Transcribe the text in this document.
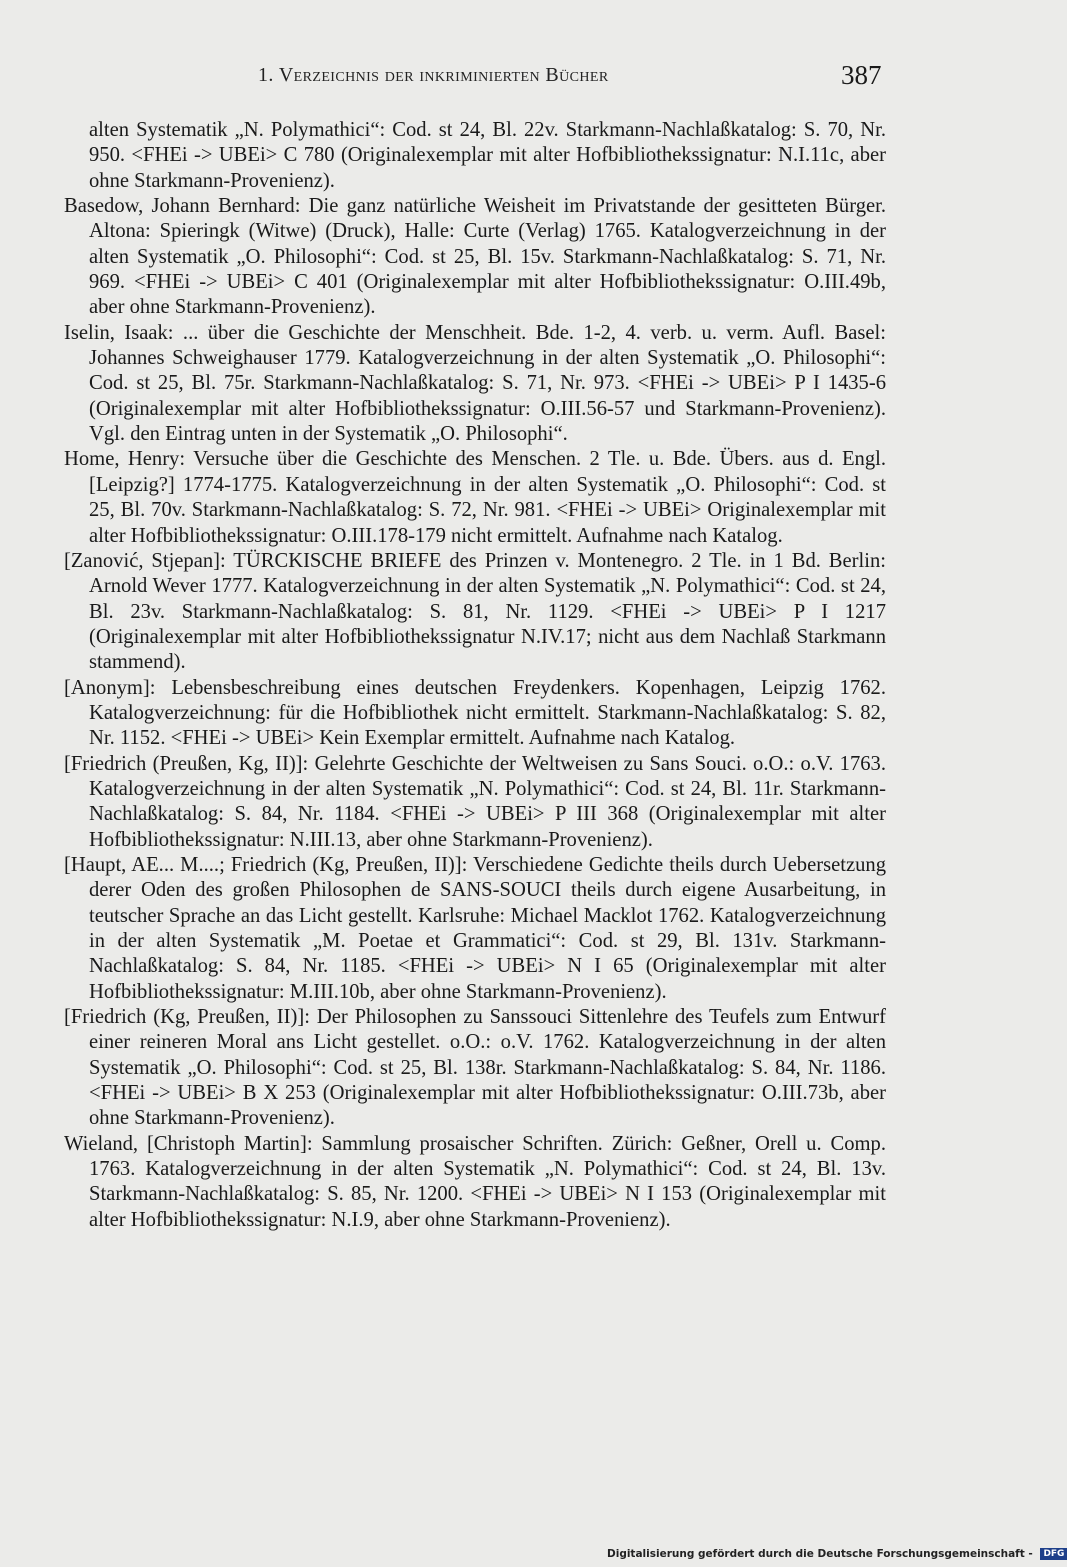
1. Verzeichnis der inkriminierten Bücher	387

alten Systematik „N. Polymathici“: Cod. st 24, Bl. 22v. Starkmann-Nachlaßkatalog: S. 70, Nr. 950. <FHEi -> UBEi> C 780 (Originalexemplar mit alter Hofbibliothekssignatur: N.I.11c, aber ohne Starkmann-Provenienz).

Basedow, Johann Bernhard: Die ganz natürliche Weisheit im Privatstande der gesitteten Bürger. Altona: Spieringk (Witwe) (Druck), Halle: Curte (Verlag) 1765. Katalogverzeichnung in der alten Systematik „O. Philosophi“: Cod. st 25, Bl. 15v. Starkmann-Nachlaßkatalog: S. 71, Nr. 969. <FHEi -> UBEi> C 401 (Originalexemplar mit alter Hofbibliothekssignatur: O.III.49b, aber ohne Starkmann-Provenienz).

Iselin, Isaak: ... über die Geschichte der Menschheit. Bde. 1-2, 4. verb. u. verm. Aufl. Basel: Johannes Schweighauser 1779. Katalogverzeichnung in der alten Systematik „O. Philosophi“: Cod. st 25, Bl. 75r. Starkmann-Nachlaßkatalog: S. 71, Nr. 973. <FHEi -> UBEi> P I 1435-6 (Originalexemplar mit alter Hofbibliothekssignatur: O.III.56-57 und Starkmann-Provenienz). Vgl. den Eintrag unten in der Systematik „O. Philosophi“.

Home, Henry: Versuche über die Geschichte des Menschen. 2 Tle. u. Bde. Übers. aus d. Engl. [Leipzig?] 1774-1775. Katalogverzeichnung in der alten Systematik „O. Philosophi“: Cod. st 25, Bl. 70v. Starkmann-Nachlaßkatalog: S. 72, Nr. 981. <FHEi -> UBEi> Originalexemplar mit alter Hofbibliothekssignatur: O.III.178-179 nicht ermittelt. Aufnahme nach Katalog.

[Zanović, Stjepan]: TÜRCKISCHE BRIEFE des Prinzen v. Montenegro. 2 Tle. in 1 Bd. Berlin: Arnold Wever 1777. Katalogverzeichnung in der alten Systematik „N. Polymathici“: Cod. st 24, Bl. 23v. Starkmann-Nachlaßkatalog: S. 81, Nr. 1129. <FHEi -> UBEi> P I 1217 (Originalexemplar mit alter Hofbibliothekssignatur N.IV.17; nicht aus dem Nachlaß Starkmann stammend).

[Anonym]: Lebensbeschreibung eines deutschen Freydenkers. Kopenhagen, Leipzig 1762. Katalogverzeichnung: für die Hofbibliothek nicht ermittelt. Starkmann-Nachlaßkatalog: S. 82, Nr. 1152. <FHEi -> UBEi> Kein Exemplar ermittelt. Aufnahme nach Katalog.

[Friedrich (Preußen, Kg, II)]: Gelehrte Geschichte der Weltweisen zu Sans Souci. o.O.: o.V. 1763. Katalogverzeichnung in der alten Systematik „N. Polymathici“: Cod. st 24, Bl. 11r. Starkmann-Nachlaßkatalog: S. 84, Nr. 1184. <FHEi -> UBEi> P III 368 (Originalexemplar mit alter Hofbibliothekssignatur: N.III.13, aber ohne Starkmann-Provenienz).

[Haupt, AE... M....; Friedrich (Kg, Preußen, II)]: Verschiedene Gedichte theils durch Uebersetzung derer Oden des großen Philosophen de SANS-SOUCI theils durch eigene Ausarbeitung, in teutscher Sprache an das Licht gestellt. Karlsruhe: Michael Macklot 1762. Katalogverzeichnung in der alten Systematik „M. Poetae et Grammatici“: Cod. st 29, Bl. 131v. Starkmann-Nachlaßkatalog: S. 84, Nr. 1185. <FHEi -> UBEi> N I 65 (Originalexemplar mit alter Hofbibliothekssignatur: M.III.10b, aber ohne Starkmann-Provenienz).

[Friedrich (Kg, Preußen, II)]: Der Philosophen zu Sanssouci Sittenlehre des Teufels zum Entwurf einer reineren Moral ans Licht gestellet. o.O.: o.V. 1762. Katalogverzeichnung in der alten Systematik „O. Philosophi“: Cod. st 25, Bl. 138r. Starkmann-Nachlaßkatalog: S. 84, Nr. 1186. <FHEi -> UBEi> B X 253 (Originalexemplar mit alter Hofbibliothekssignatur: O.III.73b, aber ohne Starkmann-Provenienz).

Wieland, [Christoph Martin]: Sammlung prosaischer Schriften. Zürich: Geßner, Orell u. Comp. 1763. Katalogverzeichnung in der alten Systematik „N. Polymathici“: Cod. st 24, Bl. 13v. Starkmann-Nachlaßkatalog: S. 85, Nr. 1200. <FHEi -> UBEi> N I 153 (Originalexemplar mit alter Hofbibliothekssignatur: N.I.9, aber ohne Starkmann-Provenienz).

Digitalisierung gefördert durch die Deutsche Forschungsgemeinschaft - DFG
